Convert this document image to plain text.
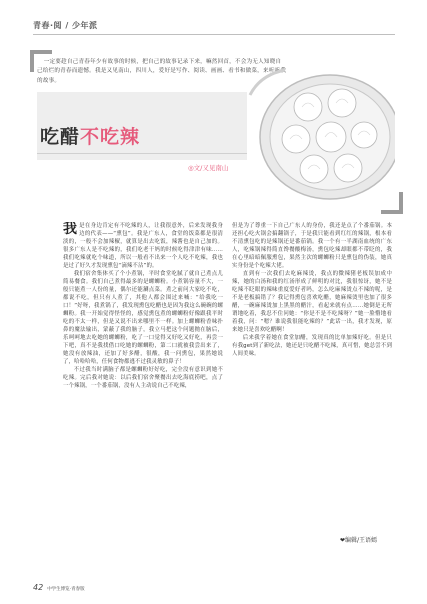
青春·阅 / 少年派

一定要趁自己青春年少有故事的时候，把自己的故事记录下来，嘛然回首，不会为无人知晓自己给烂的青春而遗憾。我是又见南山，四川人，爱好是写作、阅读、画画、看书和做菜，来听听我的故事。

吃醋不吃辣
◎文/又见南山

我是在身边肯定有不吃辣的人，让我很意外，后来发现我身边的代表——“熏包”。我是广东人，食堂的饭菜都是很清淡的，一般不会加辣椒，就算是出去吃饭，辣酱也是自己加的。很多广东人是不吃辣的，我们吃老干妈的时候吃得津津有味……我们吃辣就吃个味道，所以一般看不出来一个人吃不吃辣，我也是过了好久才发现熏包“滴辣不沾”的。

我们宿舍集体买了个小煮锅，平时食堂吃腻了就自己煮点儿简易餐食。我们自己煮得最多的是螺蛳粉。小煮锅容量不大，一般只能煮一人份的量，偶尔还能涮点菜。煮之前问大家吃不吃，都说不吃，但只有人煮了，其他人都会围过来喊：“给我吃一口！”好呀，我煮锅了，我发现熏包吃醋也是因为我这么碗碗的螺蛳粉。我一开始觉得怪怪的，感觉熏包煮的螺蛳粉好像跟我平时吃的不太一样，但是又说不出来哪里不一样。加上螺蛳粉香味扑鼻的魔法输出，蒙蔽了我的脑子，我立马把这个问题抛在脑后，乐呵呵地去吃她的螺蛳粉，吃了一口觉得又好吃又好吃，再尝一下吧，真不是我找借口吃她的螺蛳粉，第二口就被我尝出来了，她没有放辣油，还加了好多醋，很酸，我一问熏包，果然她说了，哈哈哈哈，任何食物都逃不过我灵敏的鼻子！

不过我当时满脑子都是螺蛳粉好好吃，完全没有意识到她不吃辣。完后我对她说：以后我们宿舍聚餐出去吃海底捞吧，点了一个辣锅，一个番茄锅，没有人主动说自己不吃辣，

但是为了尊重一下自己广东人的身份，我还是点了个番茄锅。本还担心吃火锅会搞翻锅子，于是我只能看到红红的辣锅，根本看不清熏包吃的是辣锅还是番茄锅。我一个有一半湖南血统的广东人，吃辣锅辣得简直馋餐酸梅汤，熏包吃辣却眼都不带眨的，我在心里暗暗佩服熏包，果然主次的螺蛳粉只是熏包的伪装，她真实身份是个吃辣大佬。

直到有一次我们去吃麻辣烫，我点的微辣猪老板误加成中辣，她的白汤和我的红汤形成了鲜明的对比，我很惊讶，她不是吃辣不眨眼的辣味重度爱好者吗，怎么吃麻辣烫点不辣的呢，是不是老板搞错了？我记得熏包喜欢吃醋，她麻辣烫里也加了很多醋，一碗麻辣烫加上黑黑的醋汁，看起来就有点……她倒是无所谓地吃着，我忍不住问她：“你是不是不吃辣呀？”她一脸懵地看着我，问：“嗯？谁说我很能吃辣的？”此话一出，我才发现，原来她只是喜欢吃醋啊！

后来我学着她在食堂加醋，发现真的比单加辣好吃。但是只有我get到了新吃法，她还是只吃醋不吃辣，真可惜，她总尝不到人间美味。

❤编辑/王语嫣
42 中学生博览·青春版
